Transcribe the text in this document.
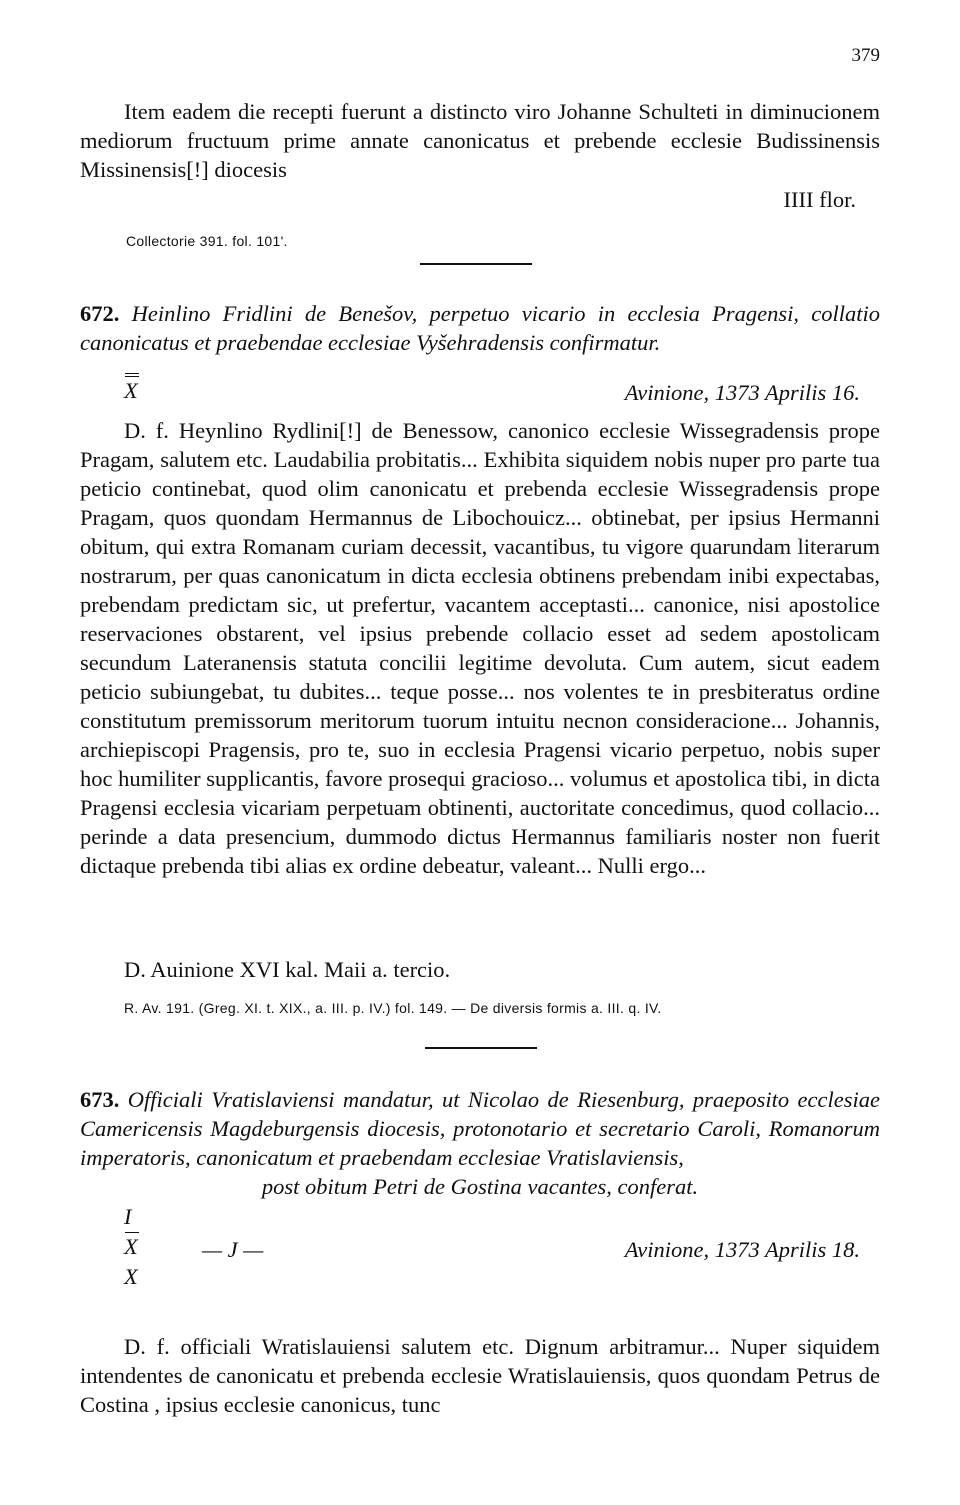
379

Item eadem die recepti fuerunt a distincto viro Johanne Schulteti in diminucionem mediorum fructuum prime annate canonicatus et prebende ecclesie Budissinensis Missinensis[!] diocesis

IIII flor.
Collectorie 391. fol. 101'.
672. Heinlino Fridlini de Benešov, perpetuo vicario in ecclesia Pragensi, collatio canonicatus et praebendae ecclesiae Vyšehradensis confirmatur.
X	Avinione, 1373 Aprilis 16.

D. f. Heynlino Rydlini[!] de Benessow, canonico ecclesie Wissegradensis prope Pragam, salutem etc. Laudabilia probitatis... Exhibita siquidem nobis nuper pro parte tua peticio continebat, quod olim canonicatu et prebenda ecclesie Wissegradensis prope Pragam, quos quondam Hermannus de Libochouicz... obtinebat, per ipsius Hermanni obitum, qui extra Romanam curiam decessit, vacantibus, tu vigore quarundam literarum nostrarum, per quas canonicatum in dicta ecclesia obtinens prebendam inibi expectabas, prebendam predictam sic, ut prefertur, vacantem acceptasti... canonice, nisi apostolice reservaciones obstarent, vel ipsius prebende collacio esset ad sedem apostolicam secundum Lateranensis statuta concilii legitime devoluta. Cum autem, sicut eadem peticio subiungebat, tu dubites... teque posse... nos volentes te in presbiteratus ordine constitutum premissorum meritorum tuorum intuitu necnon consideracione... Johannis, archiepiscopi Pragensis, pro te, suo in ecclesia Pragensi vicario perpetuo, nobis super hoc humiliter supplicantis, favore prosequi gracioso... volumus et apostolica tibi, in dicta Pragensi ecclesia vicariam perpetuam obtinenti, auctoritate concedimus, quod collacio... perinde a data presencium, dummodo dictus Hermannus familiaris noster non fuerit dictaque prebenda tibi alias ex ordine debeatur, valeant... Nulli ergo...

D. Auinione XVI kal. Maii a. tercio.
R. Av. 191. (Greg. XI. t. XIX., a. III. p. IV.) fol. 149. — De diversis formis a. III. q. IV.
673. Officiali Vratislaviensi mandatur, ut Nicolao de Riesenburg, praeposito ecclesiae Camericensis Magdeburgensis diocesis, protonotario et secretario Caroli, Romanorum imperatoris, canonicatum et praebendam ecclesiae Vratislaviensis,
post obitum Petri de Gostina vacantes, conferat.
I
X
X
— J —	Avinione, 1373 Aprilis 18.

D. f. officiali Wratislauiensi salutem etc. Dignum arbitramur... Nuper siquidem intendentes de canonicatu et prebenda ecclesie Wratislauiensis, quos quondam Petrus de Costina , ipsius ecclesie canonicus, tunc
